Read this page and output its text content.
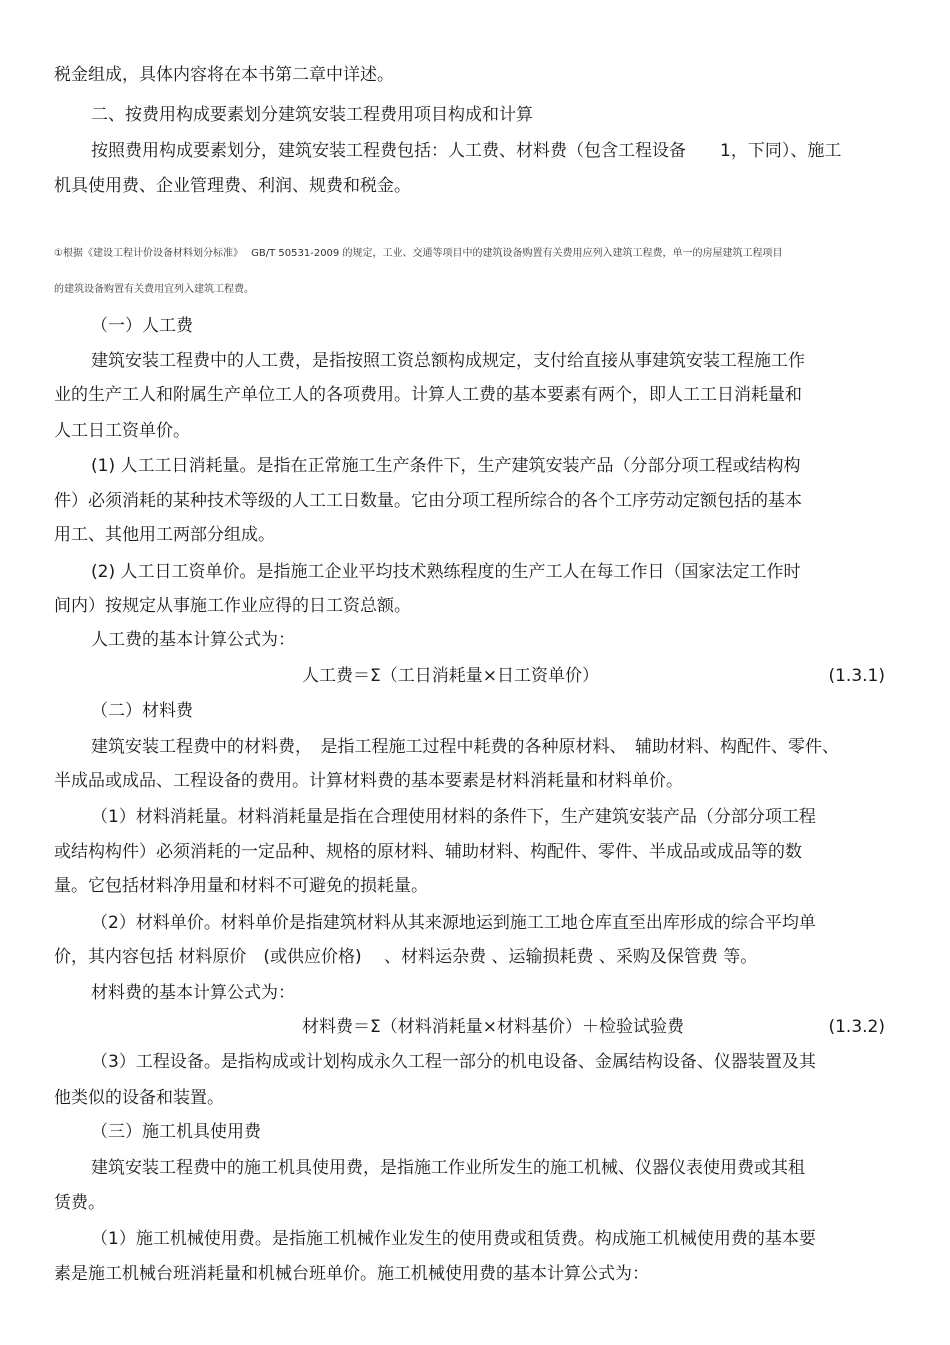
税金组成，具体内容将在本书第二章中详述。
二、按费用构成要素划分建筑安装工程费用项目构成和计算
按照费用构成要素划分，建筑安装工程费包括：人工费、材料费（包含工程设备　　1，下同）、施工
机具使用费、企业管理费、利润、规费和税金。
①根据《建设工程计价设备材料划分标准》　 GB/T 50531-2009 的规定，工业、交通等项目中的建筑设备购置有关费用应列入建筑工程费，单一的房屋建筑工程项目
的建筑设备购置有关费用宜列入建筑工程费。
（一）人工费
建筑安装工程费中的人工费，是指按照工资总额构成规定，支付给直接从事建筑安装工程施工作
业的生产工人和附属生产单位工人的各项费用。计算人工费的基本要素有两个，即人工工日消耗量和
人工日工资单价。
(1) 人工工日消耗量。是指在正常施工生产条件下，生产建筑安装产品（分部分项工程或结构构
件）必须消耗的某种技术等级的人工工日数量。它由分项工程所综合的各个工序劳动定额包括的基本
用工、其他用工两部分组成。
(2) 人工日工资单价。是指施工企业平均技术熟练程度的生产工人在每工作日（国家法定工作时
间内）按规定从事施工作业应得的日工资总额。
人工费的基本计算公式为：
人工费＝Σ（工日消耗量×日工资单价）	(1.3.1)
（二）材料费
建筑安装工程费中的材料费，　是指工程施工过程中耗费的各种原材料、　辅助材料、构配件、零件、
半成品或成品、工程设备的费用。计算材料费的基本要素是材料消耗量和材料单价。
（1）材料消耗量。材料消耗量是指在合理使用材料的条件下，生产建筑安装产品（分部分项工程
或结构构件）必须消耗的一定品种、规格的原材料、辅助材料、构配件、零件、半成品或成品等的数
量。它包括材料净用量和材料不可避免的损耗量。
（2）材料单价。材料单价是指建筑材料从其来源地运到施工工地仓库直至出库形成的综合平均单
价，其内容包括 材料原价　(或供应价格)　 、材料运杂费 、运输损耗费 、采购及保管费 等。
材料费的基本计算公式为：
材料费＝Σ（材料消耗量×材料基价）＋检验试验费	(1.3.2)
（3）工程设备。是指构成或计划构成永久工程一部分的机电设备、金属结构设备、仪器装置及其
他类似的设备和装置。
（三）施工机具使用费
建筑安装工程费中的施工机具使用费，是指施工作业所发生的施工机械、仪器仪表使用费或其租
赁费。
（1）施工机械使用费。是指施工机械作业发生的使用费或租赁费。构成施工机械使用费的基本要
素是施工机械台班消耗量和机械台班单价。施工机械使用费的基本计算公式为：
